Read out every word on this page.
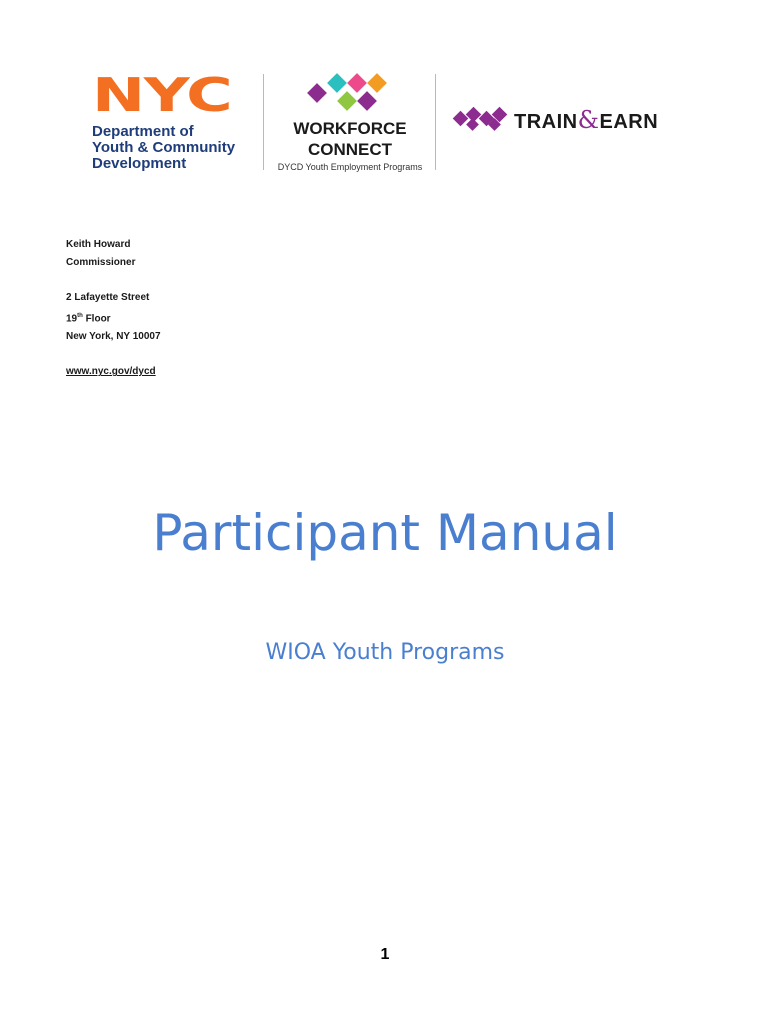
NYC
Department of
Youth & Community
Development
WORKFORCE
CONNECT
DYCD Youth Employment Programs
TRAIN&EARN
Keith Howard
Commissioner
2 Lafayette Street
19th Floor
New York, NY 10007
www.nyc.gov/dycd
Participant Manual
WIOA Youth Programs
1
